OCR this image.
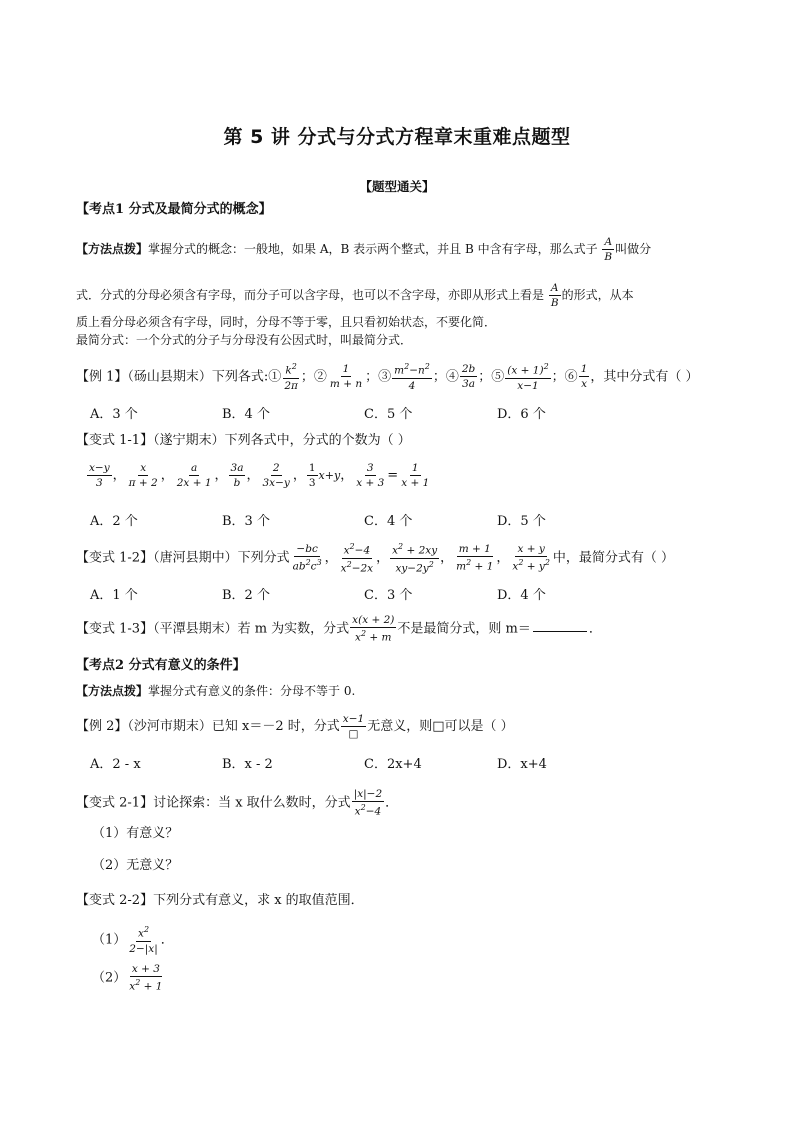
第 5 讲 分式与分式方程章末重难点题型
【题型通关】
【考点1 分式及最简分式的概念】
【方法点拨】掌握分式的概念：一般地，如果 A，B 表示两个整式，并且 B 中含有字母，那么式子 $\frac{A}{B}$ 叫做分
式．分式的分母必须含有字母，而分子可以含字母，也可以不含字母，亦即从形式上看是 $\frac{A}{B}$ 的形式，从本
质上看分母必须含有字母，同时，分母不等于零，且只看初始状态，不要化简．
最简分式：一个分式的分子与分母没有公因式时，叫最简分式．
【例 1】（砀山县期末）下列各式:① $\frac{k^2}{2\pi}$ ；② $\frac{1}{m + n}$ ；③ $\frac{m^2-n^2}{4}$ ；④ $\frac{2b}{3a}$ ；⑤ $\frac{(x + 1)^2}{x-1}$ ；⑥ $\frac{1}{x}$ ，其中分式有（ ）
A．3 个	B．4 个	C．5 个	D．6 个
【变式 1-1】（遂宁期末）下列各式中，分式的个数为（ ）
$\frac{x-y}{3}$ ， $\frac{x}{\pi + 2}$ ， $\frac{a}{2x + 1}$ ， $\frac{3a}{b}$ ， $\frac{2}{3x-y}$ ， $\frac{1}{3} x+y$， $\frac{3}{x + 3} = \frac{1}{x + 1}$
A．2 个	B．3 个	C．4 个	D．5 个
【变式 1-2】（唐河县期中）下列分式 $\frac{-bc}{ab^2c^3}$ ， $\frac{x^2-4}{x^2-2x}$ ， $\frac{x^2 + 2xy}{xy-2y^2}$ ， $\frac{m + 1}{m^2 + 1}$ ， $\frac{x + y}{x^2 + y^2}$ 中，最简分式有（ ）
A．1 个	B．2 个	C．3 个	D．4 个
【变式 1-3】（平潭县期末）若 m 为实数，分式 $\frac{x(x + 2)}{x^2 + m}$ 不是最简分式，则 m＝	．
【考点2 分式有意义的条件】
【方法点拨】掌握分式有意义的条件：分母不等于 0.
【例 2】（沙河市期末）已知 x＝－2 时，分式 $\frac{x-1}{□}$ 无意义，则□可以是（ ）
A．2 - x	B．x - 2	C．2x+4	D．x+4
【变式 2-1】讨论探索：当 x 取什么数时，分式 $\frac{|x|-2}{x^2-4}$ ．
（1）有意义？
（2）无意义？
【变式 2-2】下列分式有意义，求 x 的取值范围．
$(1) \frac{x^2}{2-|x|}$ ．
$(2) \frac{x + 3}{x^2 + 1}$
